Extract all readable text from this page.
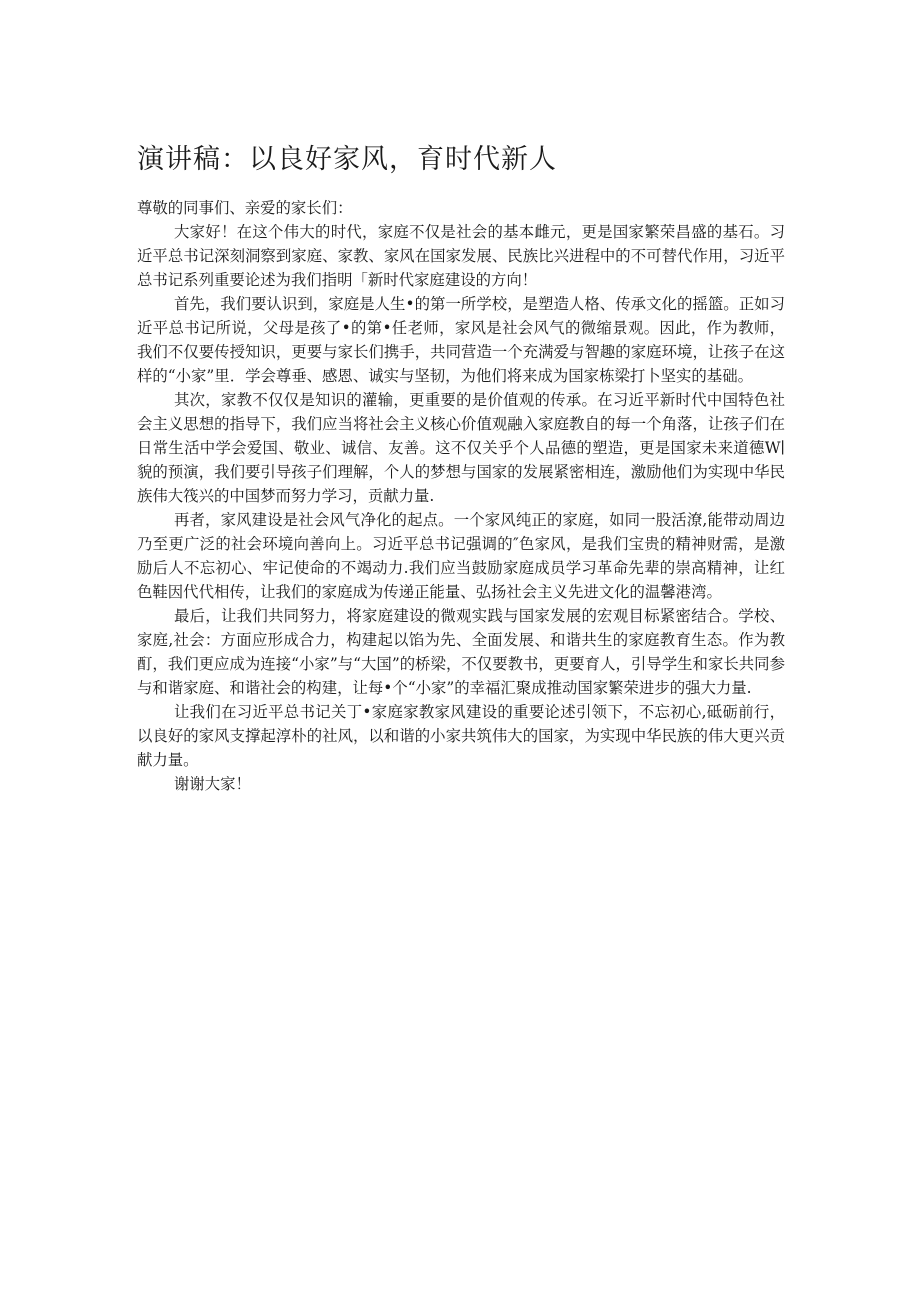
演讲稿：以良好家风，育时代新人

尊敬的同事们、亲爱的家长们：

大家好！在这个伟大的时代，家庭不仅是社会的基本雌元，更是国家繁荣昌盛的基石。习近平总书记深刻洞察到家庭、家教、家风在国家发展、民族比兴进程中的不可替代作用，习近平总书记系列重要论述为我们指明「新时代家庭建设的方向！

首先，我们要认识到，家庭是人生•的第一所学校，是塑造人格、传承文化的摇篮。正如习近平总书记所说，父母是孩了•的第•任老师，家风是社会风气的微缩景观。因此，作为教师，我们不仅要传授知识，更要与家长们携手，共同营造一个充满爱与智趣的家庭环境，让孩子在这样的“小家”里．学会尊垂、感恩、诚实与坚韧，为他们将来成为国家栋梁打卜坚实的基础。

其次，家教不仅仅是知识的灌输，更重要的是价值观的传承。在习近平新时代中国特色社会主义思想的指导下，我们应当将社会主义核心价值观融入家庭教自的每一个角落，让孩子们在日常生活中学会爱国、敬业、诚信、友善。这不仅关乎个人品德的塑造，更是国家未来道德W∣貌的预演，我们要引导孩子们理解，个人的梦想与国家的发展紧密相连，激励他们为实现中华民族伟大筏兴的中国梦而努力学习，贡献力量.

再者，家风建设是社会风气净化的起点。一个家风纯正的家庭，如同一股活潦,能带动周边乃至更广泛的社会环境向善向上。习近平总书记强调的″色家风，是我们宝贵的精神财需，是激励后人不忘初心、牢记使命的不竭动力.我们应当鼓励家庭成员学习革命先辈的崇高精神，让红色鞋因代代相传，让我们的家庭成为传递正能量、弘扬社会主义先进文化的温馨港湾。

最后，让我们共同努力，将家庭建设的微观实践与国家发展的宏观目标紧密结合。学校、家庭,社会：方面应形成合力，构建起以馅为先、全面发展、和谐共生的家庭教育生态。作为教酊，我们更应成为连接“小家”与“大国”的桥梁，不仅要教书，更要育人，引导学生和家长共同参与和谐家庭、和谐社会的构建，让每•个“小家”的幸福汇聚成推动国家繁荣进步的强大力量.

让我们在习近平总书记关丁•家庭家教家风建设的重要论述引领下，不忘初心,砥砺前行，以良好的家风支撑起淳朴的社风，以和谐的小家共筑伟大的国家，为实现中华民族的伟大更兴贡献力量。

谢谢大家！
